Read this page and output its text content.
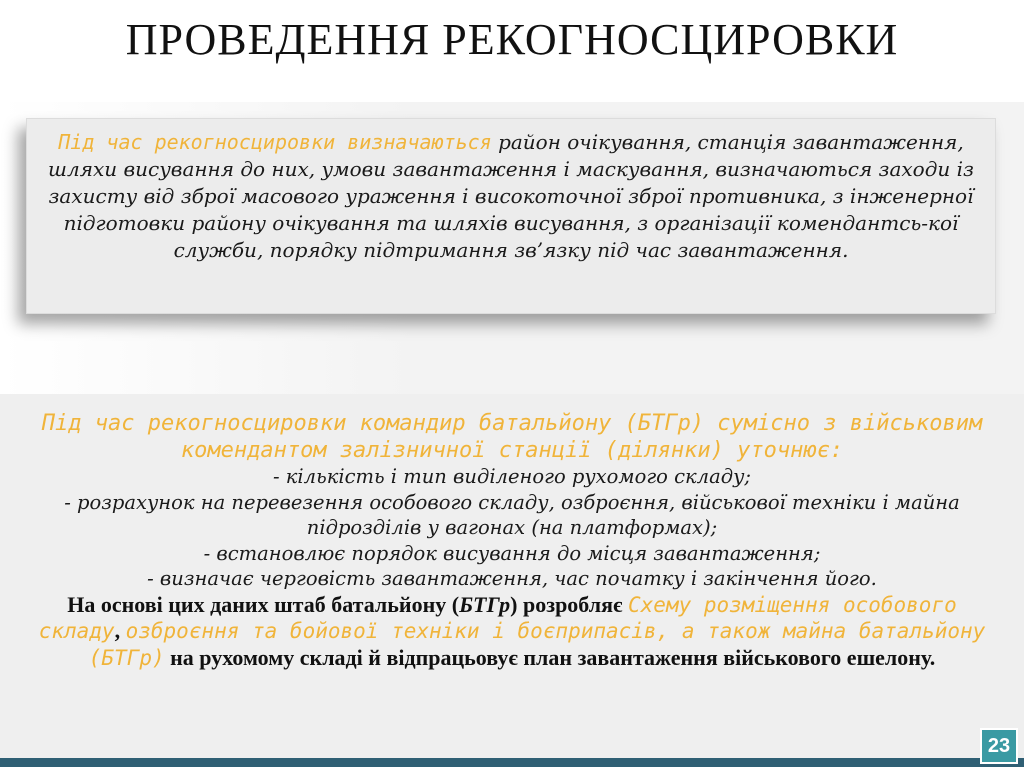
ПРОВЕДЕННЯ РЕКОГНОСЦИРОВКИ
Під час рекогносцировки визначаються район очікування, станція завантаження, шляхи висування до них, умови завантаження і маскування, визначаються заходи із захисту від зброї масового ураження і високоточної зброї противника, з інженерної підготовки району очікування та шляхів висування, з організації комендантсь-кої служби, порядку підтримання зв’язку під час завантаження.
Під час рекогносцировки командир батальйону (БТГр) сумісно з військовим комендантом залізничної станції (ділянки) уточнює:
- кількість і тип виділеного рухомого складу;
- розрахунок на перевезення особового складу, озброєння, військової техніки і майна підрозділів у вагонах (на платформах);
- встановлює порядок висування до місця завантаження;
- визначає черговість завантаження, час початку і закінчення його.
На основі цих даних штаб батальйону (БТГр) розробляє Схему розміщення особового складу, озброєння та бойової техніки і боєприпасів, а також майна батальйону (БТГр) на рухомому складі й відпрацьовує план завантаження військового ешелону.
23
